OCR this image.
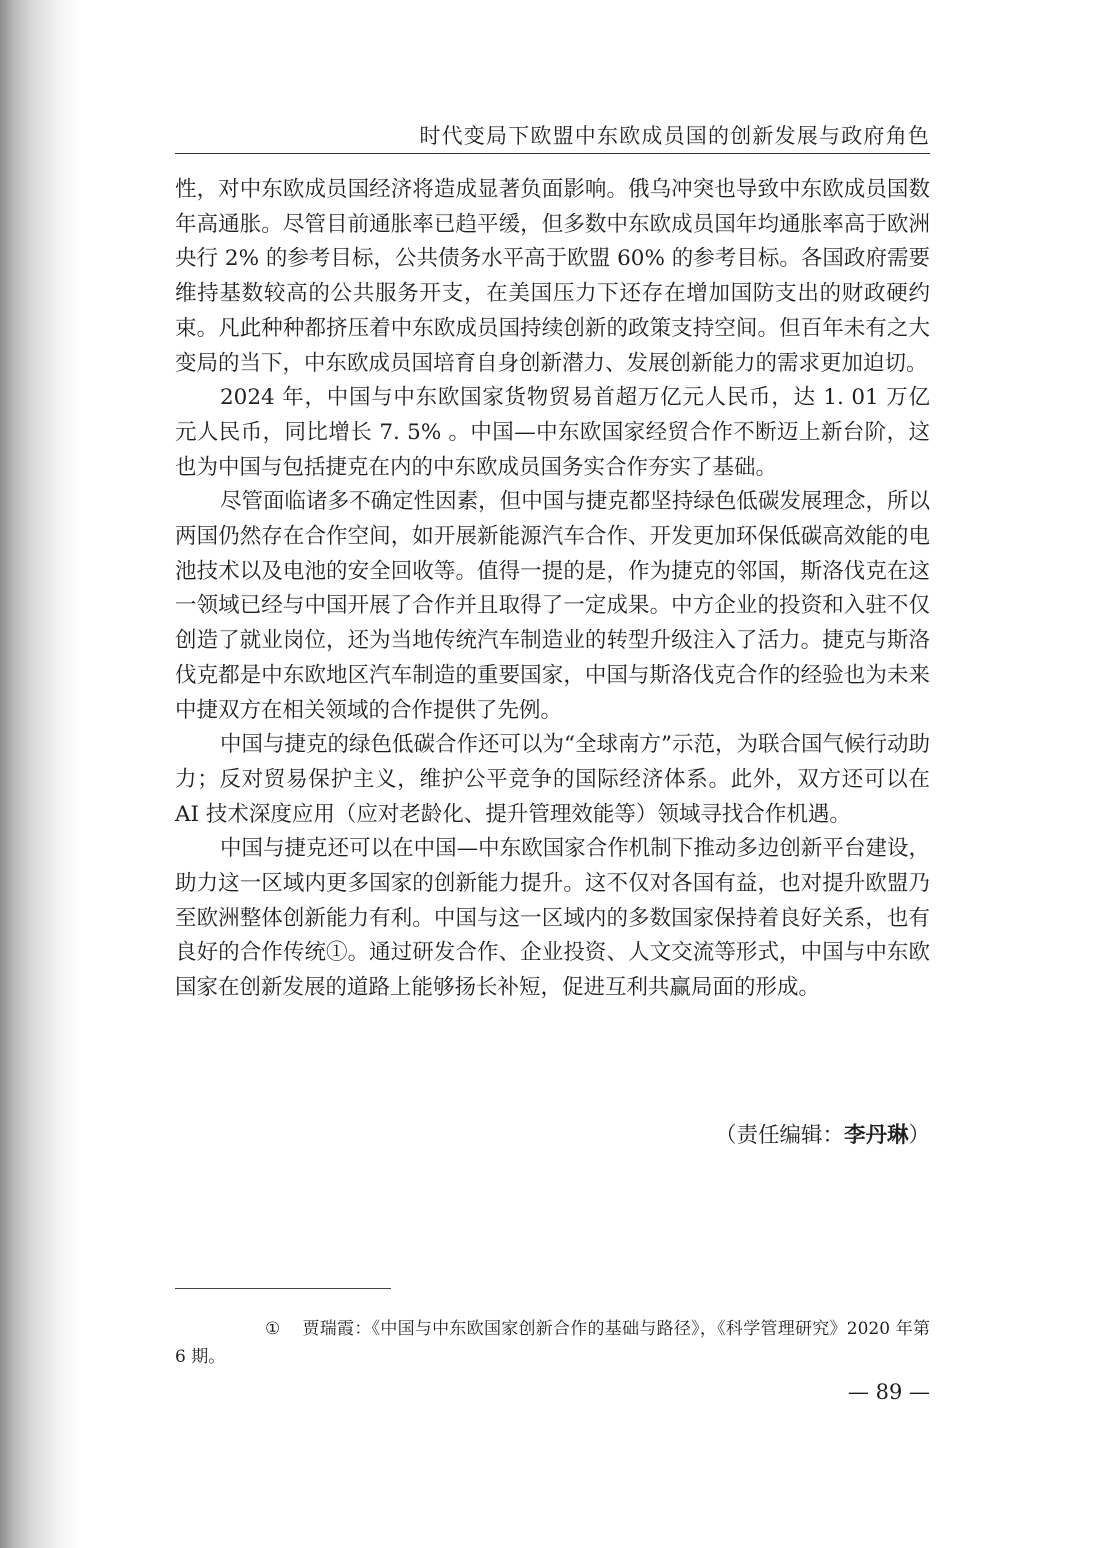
时代变局下欧盟中东欧成员国的创新发展与政府角色

性，对中东欧成员国经济将造成显著负面影响。俄乌冲突也导致中东欧成员国数年高通胀。尽管目前通胀率已趋平缓，但多数中东欧成员国年均通胀率高于欧洲央行 2% 的参考目标，公共债务水平高于欧盟 60% 的参考目标。各国政府需要维持基数较高的公共服务开支，在美国压力下还存在增加国防支出的财政硬约束。凡此种种都挤压着中东欧成员国持续创新的政策支持空间。但百年未有之大变局的当下，中东欧成员国培育自身创新潜力、发展创新能力的需求更加迫切。

2024 年，中国与中东欧国家货物贸易首超万亿元人民币，达 1. 01 万亿元人民币，同比增长 7. 5% 。中国—中东欧国家经贸合作不断迈上新台阶，这也为中国与包括捷克在内的中东欧成员国务实合作夯实了基础。

尽管面临诸多不确定性因素，但中国与捷克都坚持绿色低碳发展理念，所以两国仍然存在合作空间，如开展新能源汽车合作、开发更加环保低碳高效能的电池技术以及电池的安全回收等。值得一提的是，作为捷克的邻国，斯洛伐克在这一领域已经与中国开展了合作并且取得了一定成果。中方企业的投资和入驻不仅创造了就业岗位，还为当地传统汽车制造业的转型升级注入了活力。捷克与斯洛伐克都是中东欧地区汽车制造的重要国家，中国与斯洛伐克合作的经验也为未来中捷双方在相关领域的合作提供了先例。

中国与捷克的绿色低碳合作还可以为“全球南方”示范，为联合国气候行动助力；反对贸易保护主义，维护公平竞争的国际经济体系。此外，双方还可以在 AI 技术深度应用（应对老龄化、提升管理效能等）领域寻找合作机遇。

中国与捷克还可以在中国—中东欧国家合作机制下推动多边创新平台建设，助力这一区域内更多国家的创新能力提升。这不仅对各国有益，也对提升欧盟乃至欧洲整体创新能力有利。中国与这一区域内的多数国家保持着良好关系，也有良好的合作传统①。通过研发合作、企业投资、人文交流等形式，中国与中东欧国家在创新发展的道路上能够扬长补短，促进互利共赢局面的形成。

（责任编辑：李丹琳）

① 贾瑞霞：《中国与中东欧国家创新合作的基础与路径》，《科学管理研究》2020 年第 6 期。

— 89 —
